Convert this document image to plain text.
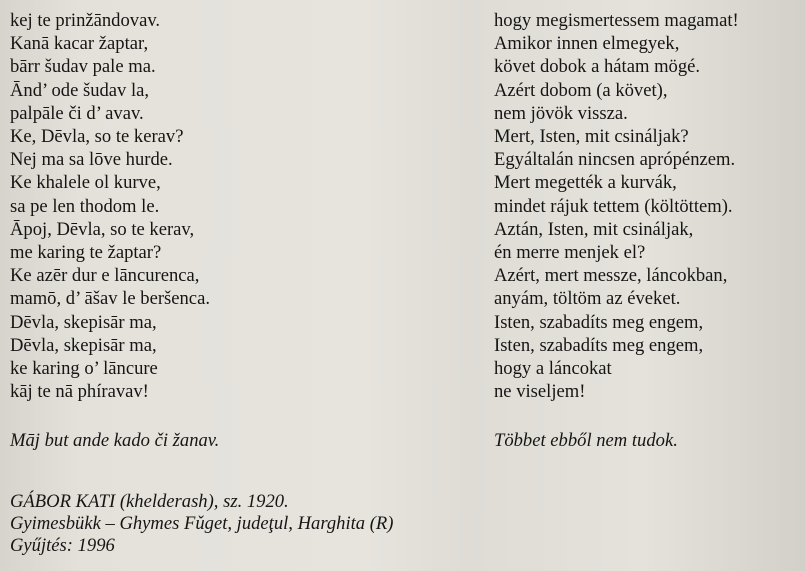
kej te prinžāndovav.
Kanā kacar žaptar,
bārr šudav pale ma.
Ānd’ ode šudav la,
palpāle či d’ avav.
Ke, Dēvla, so te kerav?
Nej ma sa lōve hurde.
Ke khalele ol kurve,
sa pe len thodom le.
Āpoj, Dēvla, so te kerav,
me karing te žaptar?
Ke azēr dur e lāncurenca,
mamō, d’ āšav le beršenca.
Dēvla, skepisār ma,
Dēvla, skepisār ma,
ke karing o’ lāncure
kāj te nā phíravav!
Māj but ande kado či žanav.
hogy megismertessem magamat!
Amikor innen elmegyek,
követ dobok a hátam mögé.
Azért dobom (a követ),
nem jövök vissza.
Mert, Isten, mit csináljak?
Egyáltalán nincsen aprópénzem.
Mert megették a kurvák,
mindet rájuk tettem (költöttem).
Aztán, Isten, mit csináljak,
én merre menjek el?
Azért, mert messze, láncokban,
anyám, töltöm az éveket.
Isten, szabadíts meg engem,
Isten, szabadíts meg engem,
hogy a láncokat
ne viseljem!
Többet ebből nem tudok.
GÁBOR KATI (khelderash), sz. 1920.
Gyimesbükk – Ghymes Fǔget, judeţul, Harghita (R)
Gyűjtés: 1996
